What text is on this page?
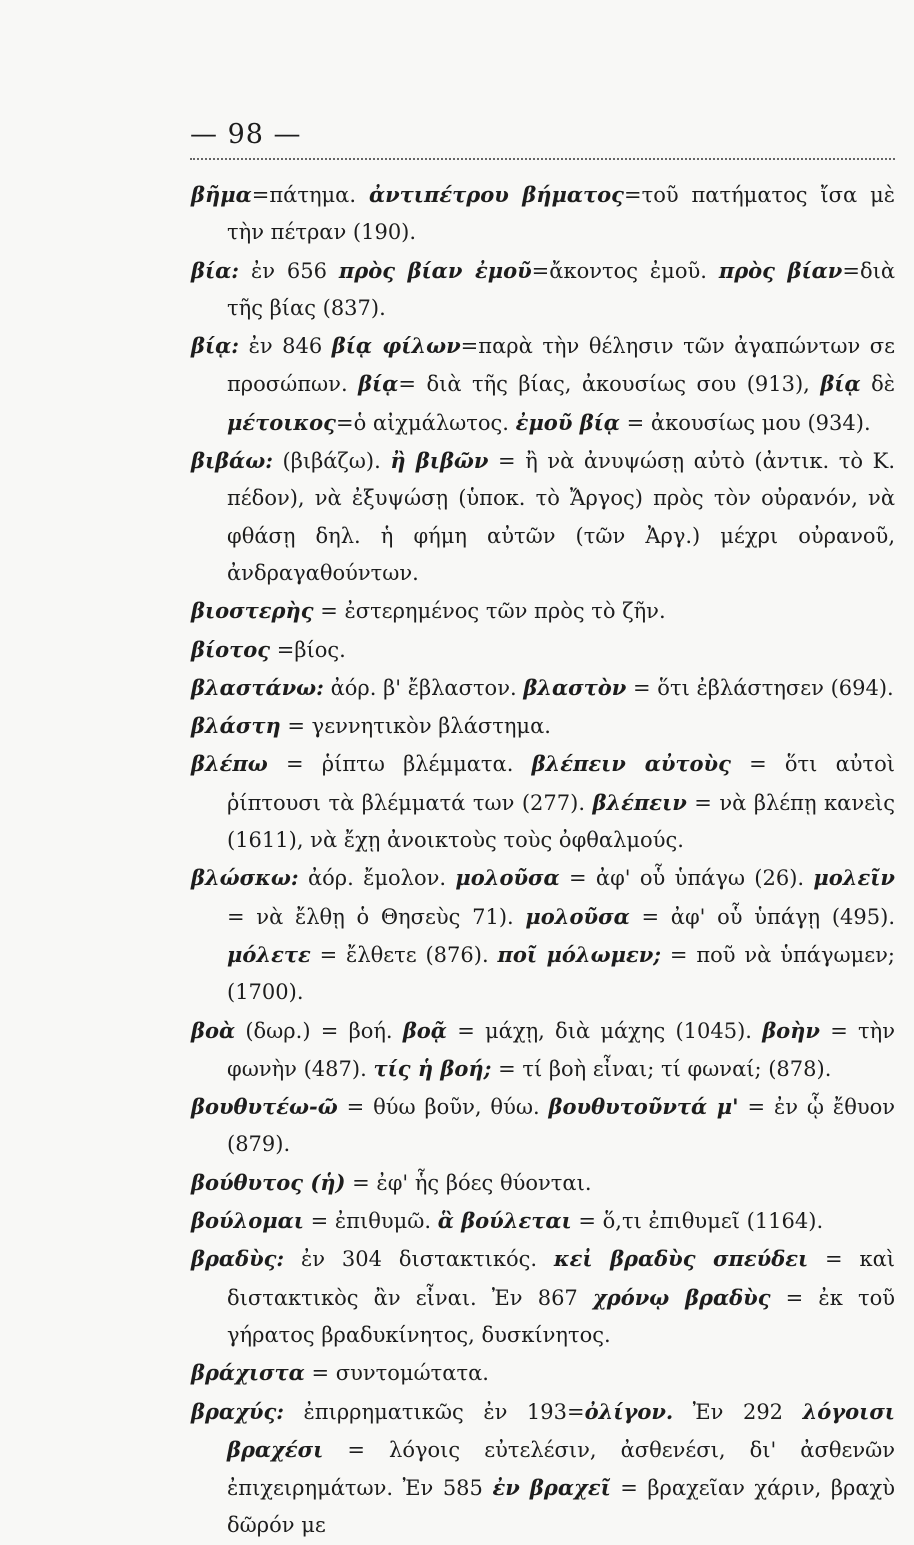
— 98 —

βῆμα=πάτημα. ἀντιπέτρου βήματος=τοῦ πατήματος ἴσα μὲ τὴν πέτραν (190).

βία: ἐν 656 πρὸς βίαν ἐμοῦ=ἄκοντος ἐμοῦ. πρὸς βίαν=διὰ τῆς βίας (837).

βίᾳ: ἐν 846 βίᾳ φίλων=παρὰ τὴν θέλησιν τῶν ἀγαπώντων σε προσώπων. βίᾳ= διὰ τῆς βίας, ἀκουσίως σου (913), βίᾳ δὲ μέτοικος=ὁ αἰχμάλωτος. ἐμοῦ βίᾳ = ἀκουσίως μου (934).

βιβάω: (βιβάζω). ἢ βιβῶν = ἢ νὰ ἀνυψώσῃ αὐτὸ (ἀντικ. τὸ Κ. πέδον), νὰ ἐξυψώσῃ (ὑποκ. τὸ Ἄργος) πρὸς τὸν οὐρανόν, νὰ φθάσῃ δηλ. ἡ φήμη αὐτῶν (τῶν Ἀργ.) μέχρι οὐρανοῦ, ἀνδραγαθούντων.

βιοστερὴς = ἐστερημένος τῶν πρὸς τὸ ζῆν.

βίοτος =βίος.

βλαστάνω: ἀόρ. β' ἔβλαστον. βλαστὸν = ὅτι ἐβλάστησεν (694).

βλάστη = γεννητικὸν βλάστημα.

βλέπω = ῥίπτω βλέμματα. βλέπειν αὐτοὺς = ὅτι αὐτοὶ ῥίπτουσι τὰ βλέμματά των (277). βλέπειν = νὰ βλέπῃ κανεὶς (1611), νὰ ἔχῃ ἀνοικτοὺς τοὺς ὀφθαλμούς.

βλώσκω: ἀόρ. ἔμολον. μολοῦσα = ἀφ' οὗ ὑπάγω (26). μολεῖν = νὰ ἔλθῃ ὁ Θησεὺς 71). μολοῦσα = ἀφ' οὗ ὑπάγῃ (495). μόλετε = ἔλθετε (876). ποῖ μόλωμεν; = ποῦ νὰ ὑπάγωμεν; (1700).

βοὰ (δωρ.) = βοή. βοᾷ = μάχῃ, διὰ μάχης (1045). βοὴν = τὴν φωνὴν (487). τίς ἡ βοή; = τί βοὴ εἶναι; τί φωναί; (878).

βουθυτέω-ῶ = θύω βοῦν, θύω. βουθυτοῦντά μ' = ἐν ᾧ ἔθυον (879).

βούθυτος (ἡ) = ἐφ' ἧς βόες θύονται.

βούλομαι = ἐπιθυμῶ. ἃ βούλεται = ὅ,τι ἐπιθυμεῖ (1164).

βραδὺς: ἐν 304 διστακτικός. κεἰ βραδὺς σπεύδει = καὶ διστακτικὸς ἂν εἶναι. Ἐν 867 χρόνῳ βραδὺς = ἐκ τοῦ γήρατος βραδυκίνητος, δυσκίνητος.

βράχιστα = συντομώτατα.

βραχύς: ἐπιρρηματικῶς ἐν 193=ὀλίγον. Ἐν 292 λόγοισι βραχέσι = λόγοις εὐτελέσιν, ἀσθενέσι, δι' ἀσθενῶν ἐπιχειρημάτων. Ἐν 585 ἐν βραχεῖ = βραχεῖαν χάριν, βραχὺ δῶρόν με
